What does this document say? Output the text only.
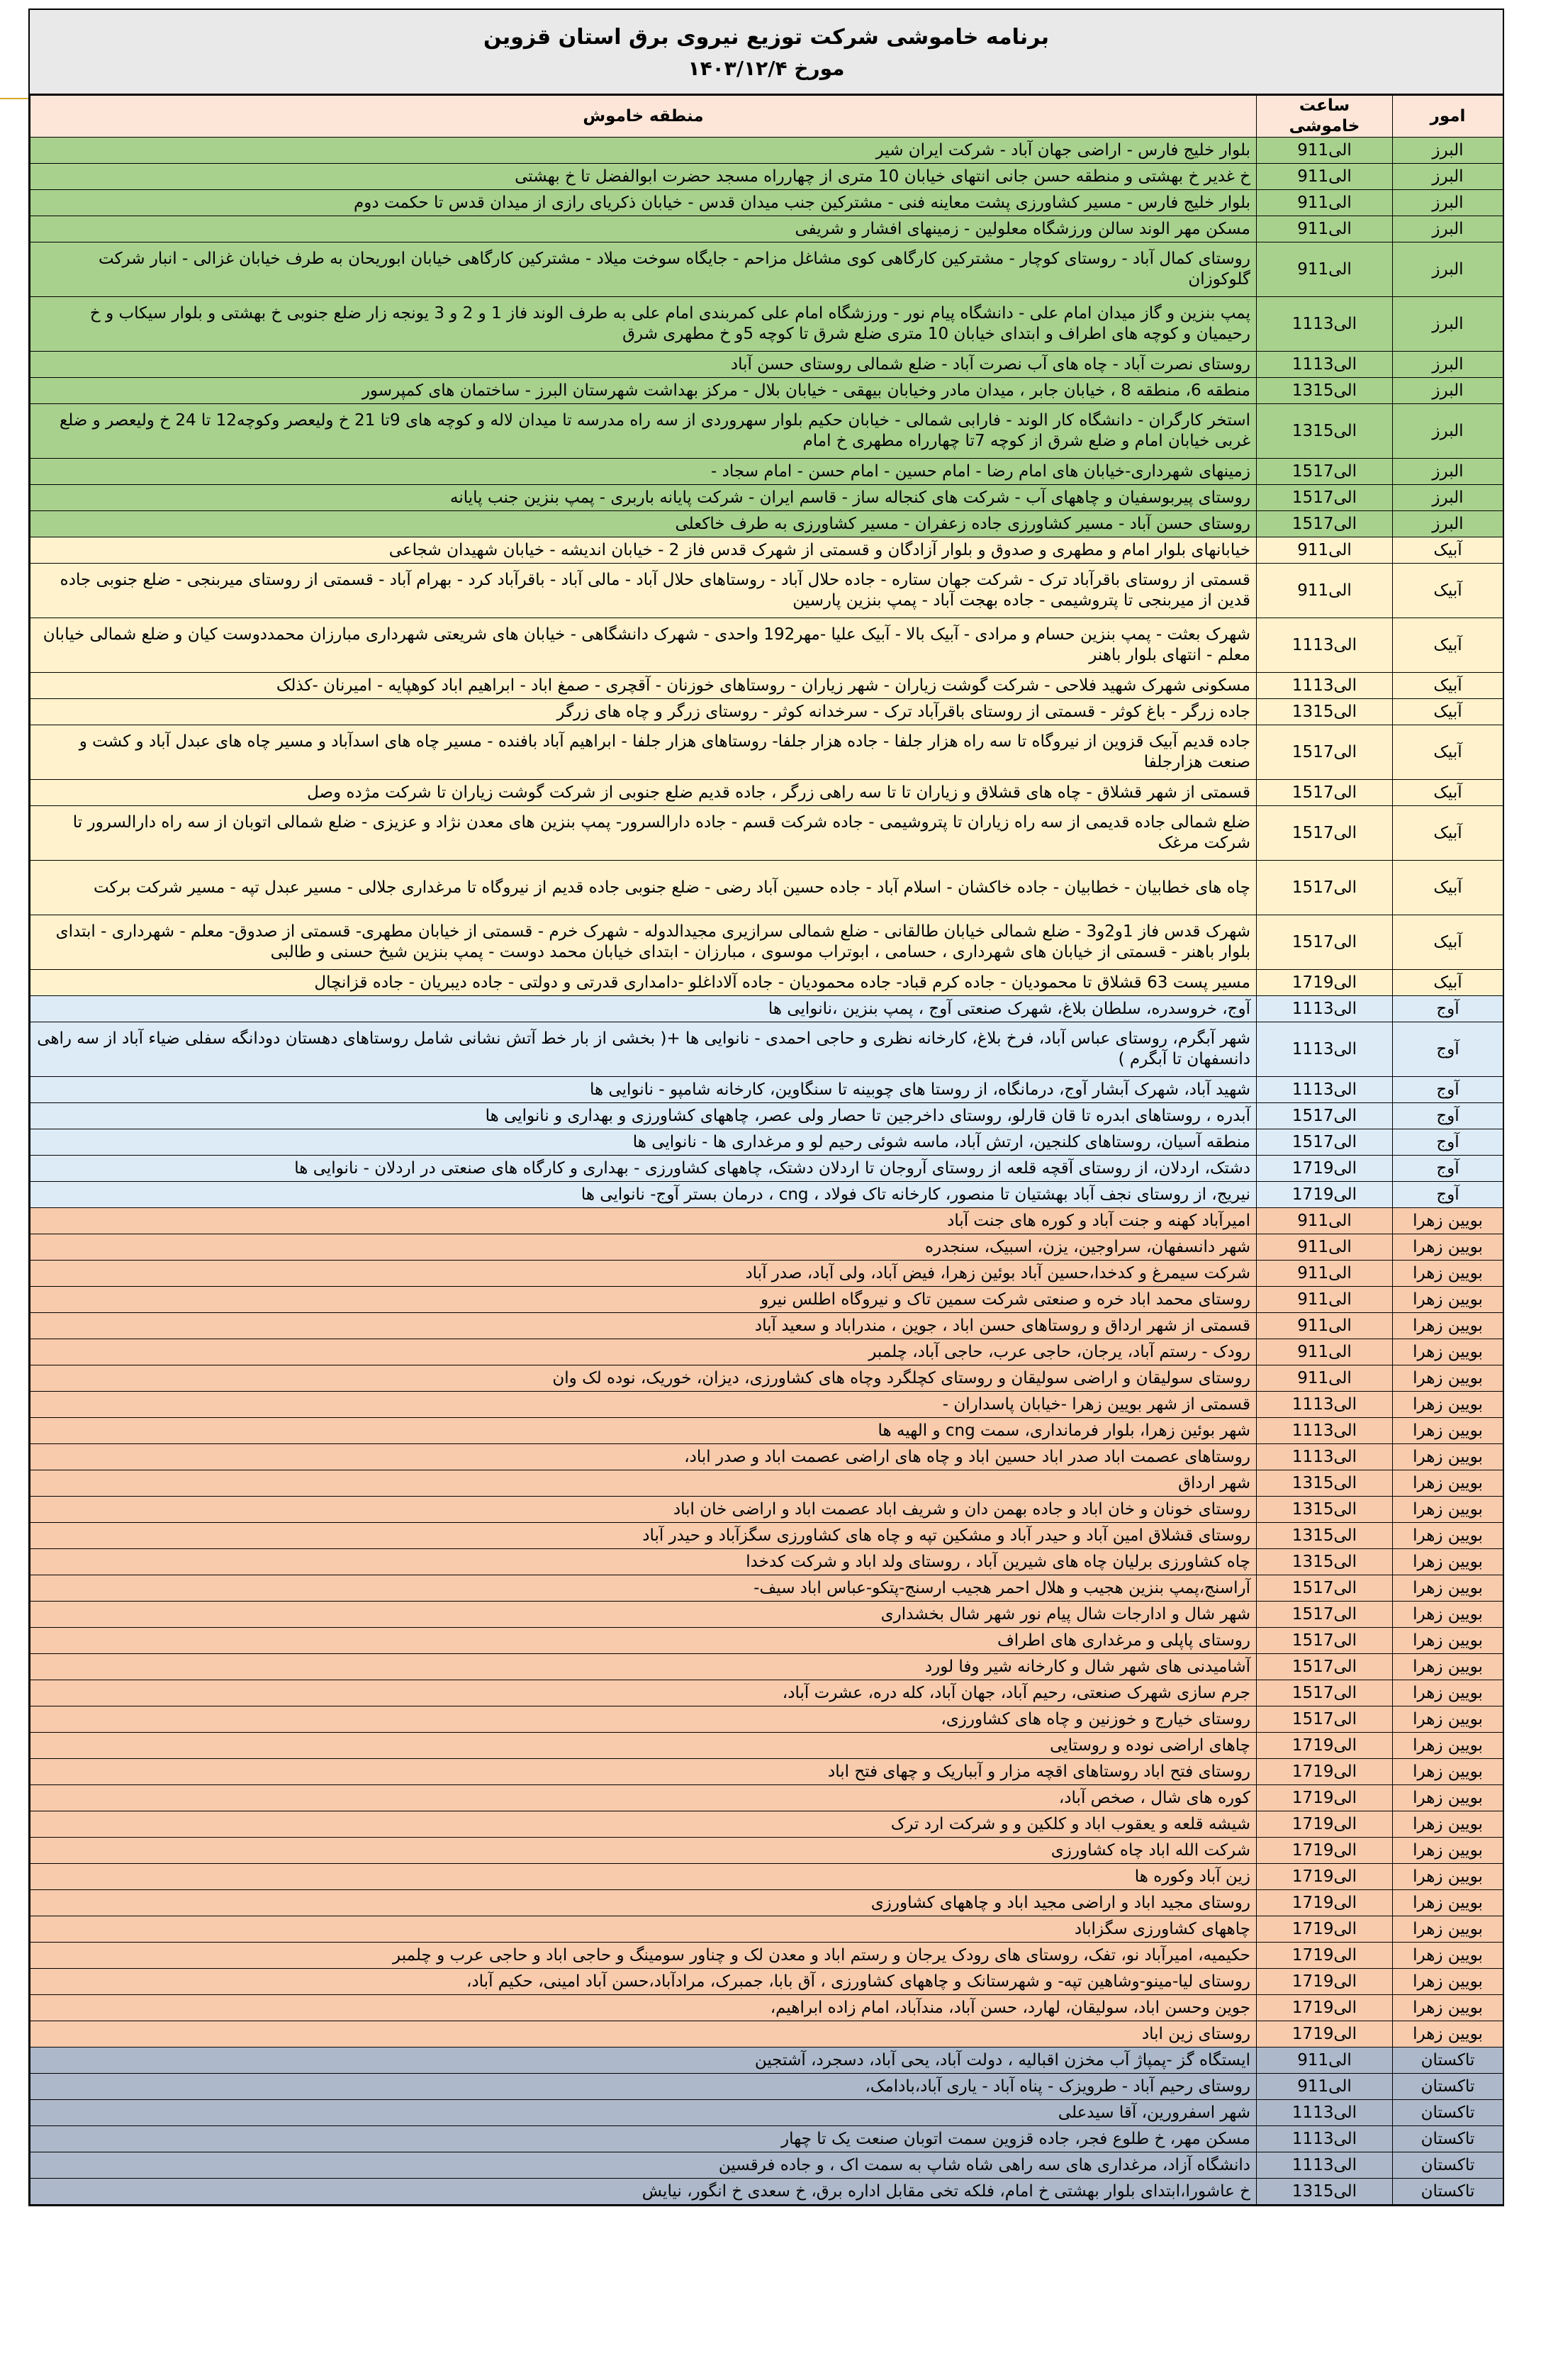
برنامه خاموشی شرکت توزیع نیروی برق استان قزوین
مورخ ۱۴۰۳/۱۲/۴
امور	ساعت خاموشی	منطقه خاموش
البرز	9الی11	بلوار خلیج فارس - اراضی جهان آباد - شرکت ایران شیر
البرز	9الی11	خ غدیر خ بهشتی و منطقه حسن جانی انتهای خیابان 10 متری از چهارراه مسجد حضرت ابوالفضل تا خ بهشتی
البرز	9الی11	بلوار خلیج فارس - مسیر کشاورزی پشت معاینه فنی - مشترکین جنب میدان قدس - خیابان ذکریای رازی از میدان قدس تا حکمت دوم
البرز	9الی11	مسکن مهر الوند سالن ورزشگاه معلولین - زمینهای افشار و شریفی
البرز	9الی11	روستای کمال آباد - روستای کوچار - مشترکین کارگاهی کوی مشاغل مزاحم - جایگاه سوخت میلاد - مشترکین کارگاهی خیابان ابوریحان به طرف خیابان غزالی - انبار شرکت گلوکوزان
البرز	11الی13	پمپ بنزین و گاز میدان امام علی - دانشگاه پیام نور - ورزشگاه امام علی کمربندی امام علی به طرف الوند فاز 1 و 2 و 3 یونجه زار ضلع جنوبی خ بهشتی و بلوار سیکاب و خ رحیمیان و کوچه های اطراف و ابتدای خیابان 10 متری ضلع شرق تا کوچه 5و خ مطهری شرق
البرز	11الی13	روستای نصرت آباد - چاه های آب نصرت آباد - ضلع شمالی روستای حسن آباد
البرز	13الی15	منطقه 6، منطقه 8 ، خیابان جابر ، میدان مادر وخیابان بیهقی - خیابان بلال - مرکز بهداشت شهرستان البرز - ساختمان های کمپرسور
البرز	13الی15	استخر کارگران - دانشگاه کار الوند - فارابی شمالی - خیابان حکیم بلوار سهروردی از سه راه مدرسه تا میدان لاله و کوچه های 9تا 21 خ ولیعصر وکوچه12 تا 24 خ ولیعصر و ضلع غربی خیابان امام و ضلع شرق از کوچه 7تا چهارراه مطهری خ امام
البرز	15الی17	زمینهای شهرداری-خیابان های امام رضا - امام حسین - امام حسن - امام سجاد -
البرز	15الی17	روستای پیربوسفیان و چاههای آب - شرکت های کنجاله ساز - قاسم ایران - شرکت پایانه باربری - پمپ بنزین جنب پایانه
البرز	15الی17	روستای حسن آباد - مسیر کشاورزی جاده زعفران - مسیر کشاورزی به طرف خاکعلی
آبیک	9الی11	خیابانهای بلوار امام و مطهری و صدوق و بلوار آزادگان و قسمتی از شهرک قدس فاز 2 - خیابان اندیشه - خیابان شهیدان شجاعی
آبیک	9الی11	قسمتی از روستای باقرآباد ترک - شرکت جهان ستاره - جاده حلال آباد - روستاهای حلال آباد - مالی آباد - باقرآباد کرد - بهرام آباد - قسمتی از روستای میربنجی - ضلع جنوبی جاده قدین از میربنجی تا پتروشیمی - جاده بهجت آباد - پمپ بنزین پارسین
آبیک	11الی13	شهرک بعثت - پمپ بنزین حسام و مرادی - آبیک بالا - آبیک علیا -مهر192 واحدی - شهرک دانشگاهی - خیابان های شریعتی شهرداری مبارزان محمددوست کیان و ضلع شمالی خیابان معلم - انتهای بلوار باهنر
آبیک	11الی13	مسکونی شهرک شهید فلاحی - شرکت گوشت زیاران - شهر زیاران - روستاهای خوزنان - آقچری - صمغ اباد - ابراهیم اباد کوهپایه - امیرنان -کذلک
آبیک	13الی15	جاده زرگر - باغ کوثر - قسمتی از روستای باقرآباد ترک - سرخدانه کوثر - روستای زرگر و چاه های زرگر
آبیک	15الی17	جاده قدیم آبیک قزوین از نیروگاه تا سه راه هزار جلفا - جاده هزار جلفا- روستاهای هزار جلفا - ابراهیم آباد بافنده - مسیر چاه های اسدآباد و مسیر چاه های عبدل آباد و کشت و صنعت هزارجلفا
آبیک	15الی17	قسمتی از شهر قشلاق - چاه های قشلاق و زیاران تا تا سه راهی زرگر ، جاده قدیم ضلع جنوبی از شرکت گوشت زیاران تا شرکت مژده وصل
آبیک	15الی17	ضلع شمالی جاده قدیمی از سه راه زیاران تا پتروشیمی - جاده شرکت قسم - جاده دارالسرور- پمپ بنزین های معدن نژاد و عزیزی - ضلع شمالی اتوبان از سه راه دارالسرور تا شرکت مرغک
آبیک	15الی17	چاه های خطابیان - خطابیان - جاده خاکشان - اسلام آباد - جاده حسین آباد رضی - ضلع جنوبی جاده قدیم از نیروگاه تا مرغداری جلالی - مسیر عبدل تپه - مسیر شرکت برکت
آبیک	15الی17	شهرک قدس فاز 1و2و3 - ضلع شمالی خیابان طالقانی - ضلع شمالی سرازیری مجیدالدوله - شهرک خرم - قسمتی از خیابان مطهری- قسمتی از صدوق- معلم - شهرداری - ابتدای بلوار باهنر - قسمتی از خیابان های شهرداری ، حسامی ، ابوتراب موسوی ، مبارزان - ابتدای خیابان محمد دوست - پمپ بنزین شیخ حسنی و طالبی
آبیک	17الی19	مسیر پست 63 قشلاق تا محمودیان - جاده کرم قباد- جاده محمودیان - جاده آلاداغلو -دامداری قدرتی و دولتی - جاده دیبریان - جاده قزانچال
آوج	11الی13	آوج، خروسدره، سلطان بلاغ، شهرک صنعتی آوج ، پمپ بنزین ،نانوایی ها
آوج	11الی13	شهر آبگرم، روستای عباس آباد، فرخ بلاغ، کارخانه نظری و حاجی احمدی - نانوایی ها +( بخشی از بار خط آتش نشانی شامل روستاهای دهستان دودانگه سفلی ضیاء آباد از سه راهی دانسفهان تا آبگرم )
آوج	11الی13	شهید آباد، شهرک آبشار آوج، درمانگاه، از روستا های چوبینه تا سنگاوین، کارخانه شامپو - نانوایی ها
آوج	15الی17	آبدره ، روستاهای ابدره تا قان قارلو، روستای داخرجین تا حصار ولی عصر، چاههای کشاورزی و بهداری و نانوایی ها
آوج	15الی17	منطقه آسیان، روستاهای کلنجین، ارتش آباد، ماسه شوئی رحیم لو و مرغداری ها - نانوایی ها
آوج	17الی19	دشتک، اردلان، از روستای آقچه قلعه از روستای آروجان تا اردلان دشتک، چاههای کشاورزی - بهداری و کارگاه های صنعتی در اردلان - نانوایی ها
آوج	17الی19	نیریج، از روستای نجف آباد بهشتیان تا منصور، کارخانه تاک فولاد ، cng ، درمان بستر آوج- نانوایی ها
بویین زهرا	9الی11	امیرآباد کهنه و جنت آباد و کوره های جنت آباد
بویین زهرا	9الی11	شهر دانسفهان، سراوجین، یزن، اسبیک، سنجدره
بویین زهرا	9الی11	شرکت سیمرغ و کدخدا،حسین آباد بوئین زهرا، فیض آباد، ولی آباد، صدر آباد
بویین زهرا	9الی11	روستای محمد اباد خره و صنعتی شرکت سمین تاک و نیروگاه اطلس نیرو
بویین زهرا	9الی11	قسمتی از شهر ارداق و روستاهای حسن اباد ، جوین ، مندراباد و سعید آباد
بویین زهرا	9الی11	رودک - رستم آباد، یرجان، حاجی عرب، حاجی آباد، چلمبر
بویین زهرا	9الی11	روستای سولیقان و اراضی سولیقان و روستای کچلگرد وچاه های کشاورزی، دیزان، خوریک، نوده لک وان
بویین زهرا	11الی13	قسمتی از شهر بویین زهرا -خیابان پاسداران -
بویین زهرا	11الی13	شهر بوئین زهرا، بلوار فرمانداری، سمت cng و الهیه ها
بویین زهرا	11الی13	روستاهای عصمت اباد صدر اباد حسین اباد و چاه های اراضی عصمت اباد و صدر اباد،
بویین زهرا	13الی15	شهر ارداق
بویین زهرا	13الی15	روستای خونان و خان اباد و جاده بهمن دان و شریف اباد عصمت اباد و اراضی خان اباد
بویین زهرا	13الی15	روستای قشلاق امین آباد و حیدر آباد و مشکین تپه و چاه های کشاورزی سگزآباد و حیدر آباد
بویین زهرا	13الی15	چاه کشاورزی برلیان چاه های شیرین آباد ، روستای ولد اباد و شرکت کدخدا
بویین زهرا	15الی17	آراسنج،پمپ بنزین هجیب و هلال احمر هجیب ارسنج-پتکو-عباس اباد سیف-
بویین زهرا	15الی17	شهر شال و ادارجات شال پیام نور شهر شال بخشداری
بویین زهرا	15الی17	روستای پاپلی و مرغداری های اطراف
بویین زهرا	15الی17	آشامیدنی های شهر شال و کارخانه شیر وفا لورد
بویین زهرا	15الی17	جرم سازی شهرک صنعتی، رحیم آباد، جهان آباد، کله دره، عشرت آباد،
بویین زهرا	15الی17	روستای خیارج و خوزنین و چاه های کشاورزی،
بویین زهرا	17الی19	چاهای اراضی نوده و روستایی
بویین زهرا	17الی19	روستای فتح اباد روستاهای اقچه مزار و آبباریک و چهای فتح اباد
بویین زهرا	17الی19	کوره های شال ، صخص آباد،
بویین زهرا	17الی19	شیشه قلعه و یعقوب اباد و کلکین و و شرکت ارد ترک
بویین زهرا	17الی19	شرکت الله اباد چاه کشاورزی
بویین زهرا	17الی19	زین آباد وکوره ها
بویین زهرا	17الی19	روستای مجید اباد و اراضی مجید اباد و چاههای کشاورزی
بویین زهرا	17الی19	چاههای کشاورزی سگزاباد
بویین زهرا	17الی19	حکیمیه، امیرآباد نو، تفک، روستای های رودک یرجان و رستم اباد و معدن لک و چناور سومینگ و حاجی اباد و حاجی عرب و چلمبر
بویین زهرا	17الی19	روستای لیا-مینو-وشاهین تپه- و شهرستانک و چاههای کشاورزی ، آق بابا، جمبرک، مرادآباد،حسن آباد امینی، حکیم آباد،
بویین زهرا	17الی19	جوین وحسن اباد، سولیقان، لهارد، حسن آباد، مندآباد، امام زاده ابراهیم،
بویین زهرا	17الی19	روستای زین اباد
تاکستان	9الی11	ایستگاه گز -پمپاژ آب مخزن اقبالیه ، دولت آباد، یحی آباد، دسجرد، آشتجین
تاکستان	9الی11	روستای رحیم آباد - طرویزک - پناه آباد - یاری آباد،بادامک،
تاکستان	11الی13	شهر اسفرورین، آقا سیدعلی
تاکستان	11الی13	مسکن مهر، خ طلوع فجر، جاده قزوین سمت اتوبان صنعت یک تا چهار
تاکستان	11الی13	دانشگاه آزاد، مرغداری های سه راهی شاه شاپ به سمت اک ، و جاده فرقسین
تاکستان	13الی15	خ عاشورا،ابتدای بلوار بهشتی خ امام، فلکه تخی مقابل اداره برق، خ سعدی خ انگور، نیایش
